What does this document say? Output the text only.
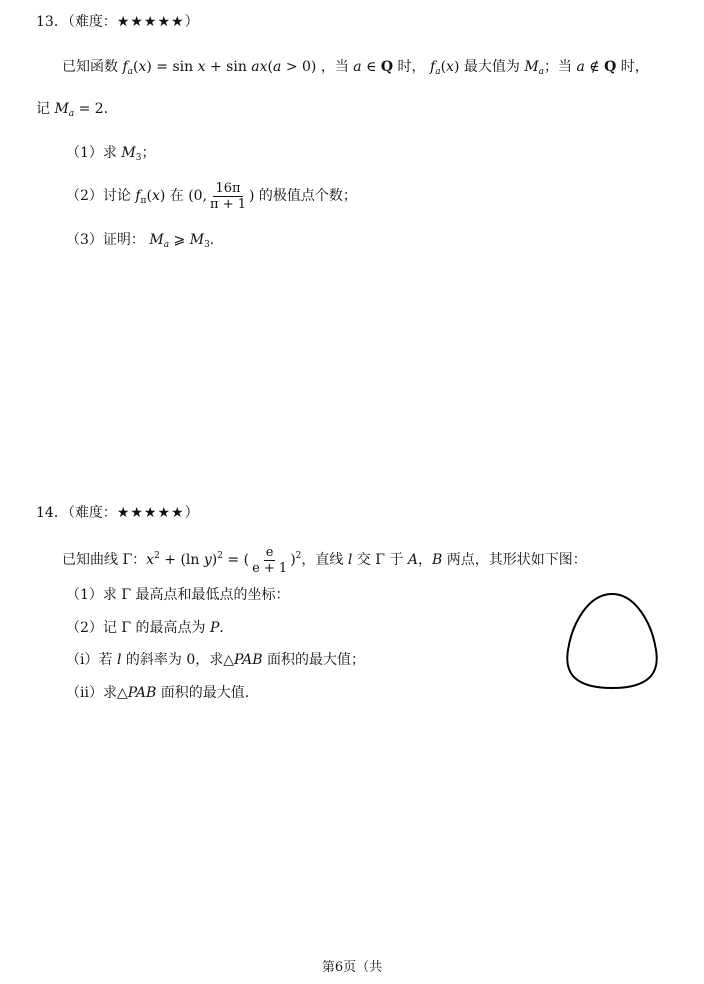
13．（难度：★★★★★）
已知函数 $f_a(x) = \sin x + \sin ax(a > 0)$ ，当 a ∈ Q 时， $f_a(x)$ 最大值为 $M_a$；当 a ∉ Q 时，
记 $M_a = 2$．
（1）求 $M_3$；
（2）讨论 $f_\pi(x)$ 在 (0, $\frac{16\pi}{\pi + 1}$ ) 的极值点个数；
（3）证明： $M_a$ ⩾ $M_3$.
14．（难度：★★★★★）
已知曲线 Γ：$x^2 + (\ln$ y)$^2$ = ( $\frac{e}{e + 1} )^2$，直线 l 交 Γ 于 A，B 两点，其形状如下图：
（1）求 Γ 最高点和最低点的坐标：
（2）记 Γ 的最高点为 P．
（i）若 l 的斜率为 0，求△PAB 面积的最大值；
（ii）求△PAB 面积的最大值．
第6页（共
